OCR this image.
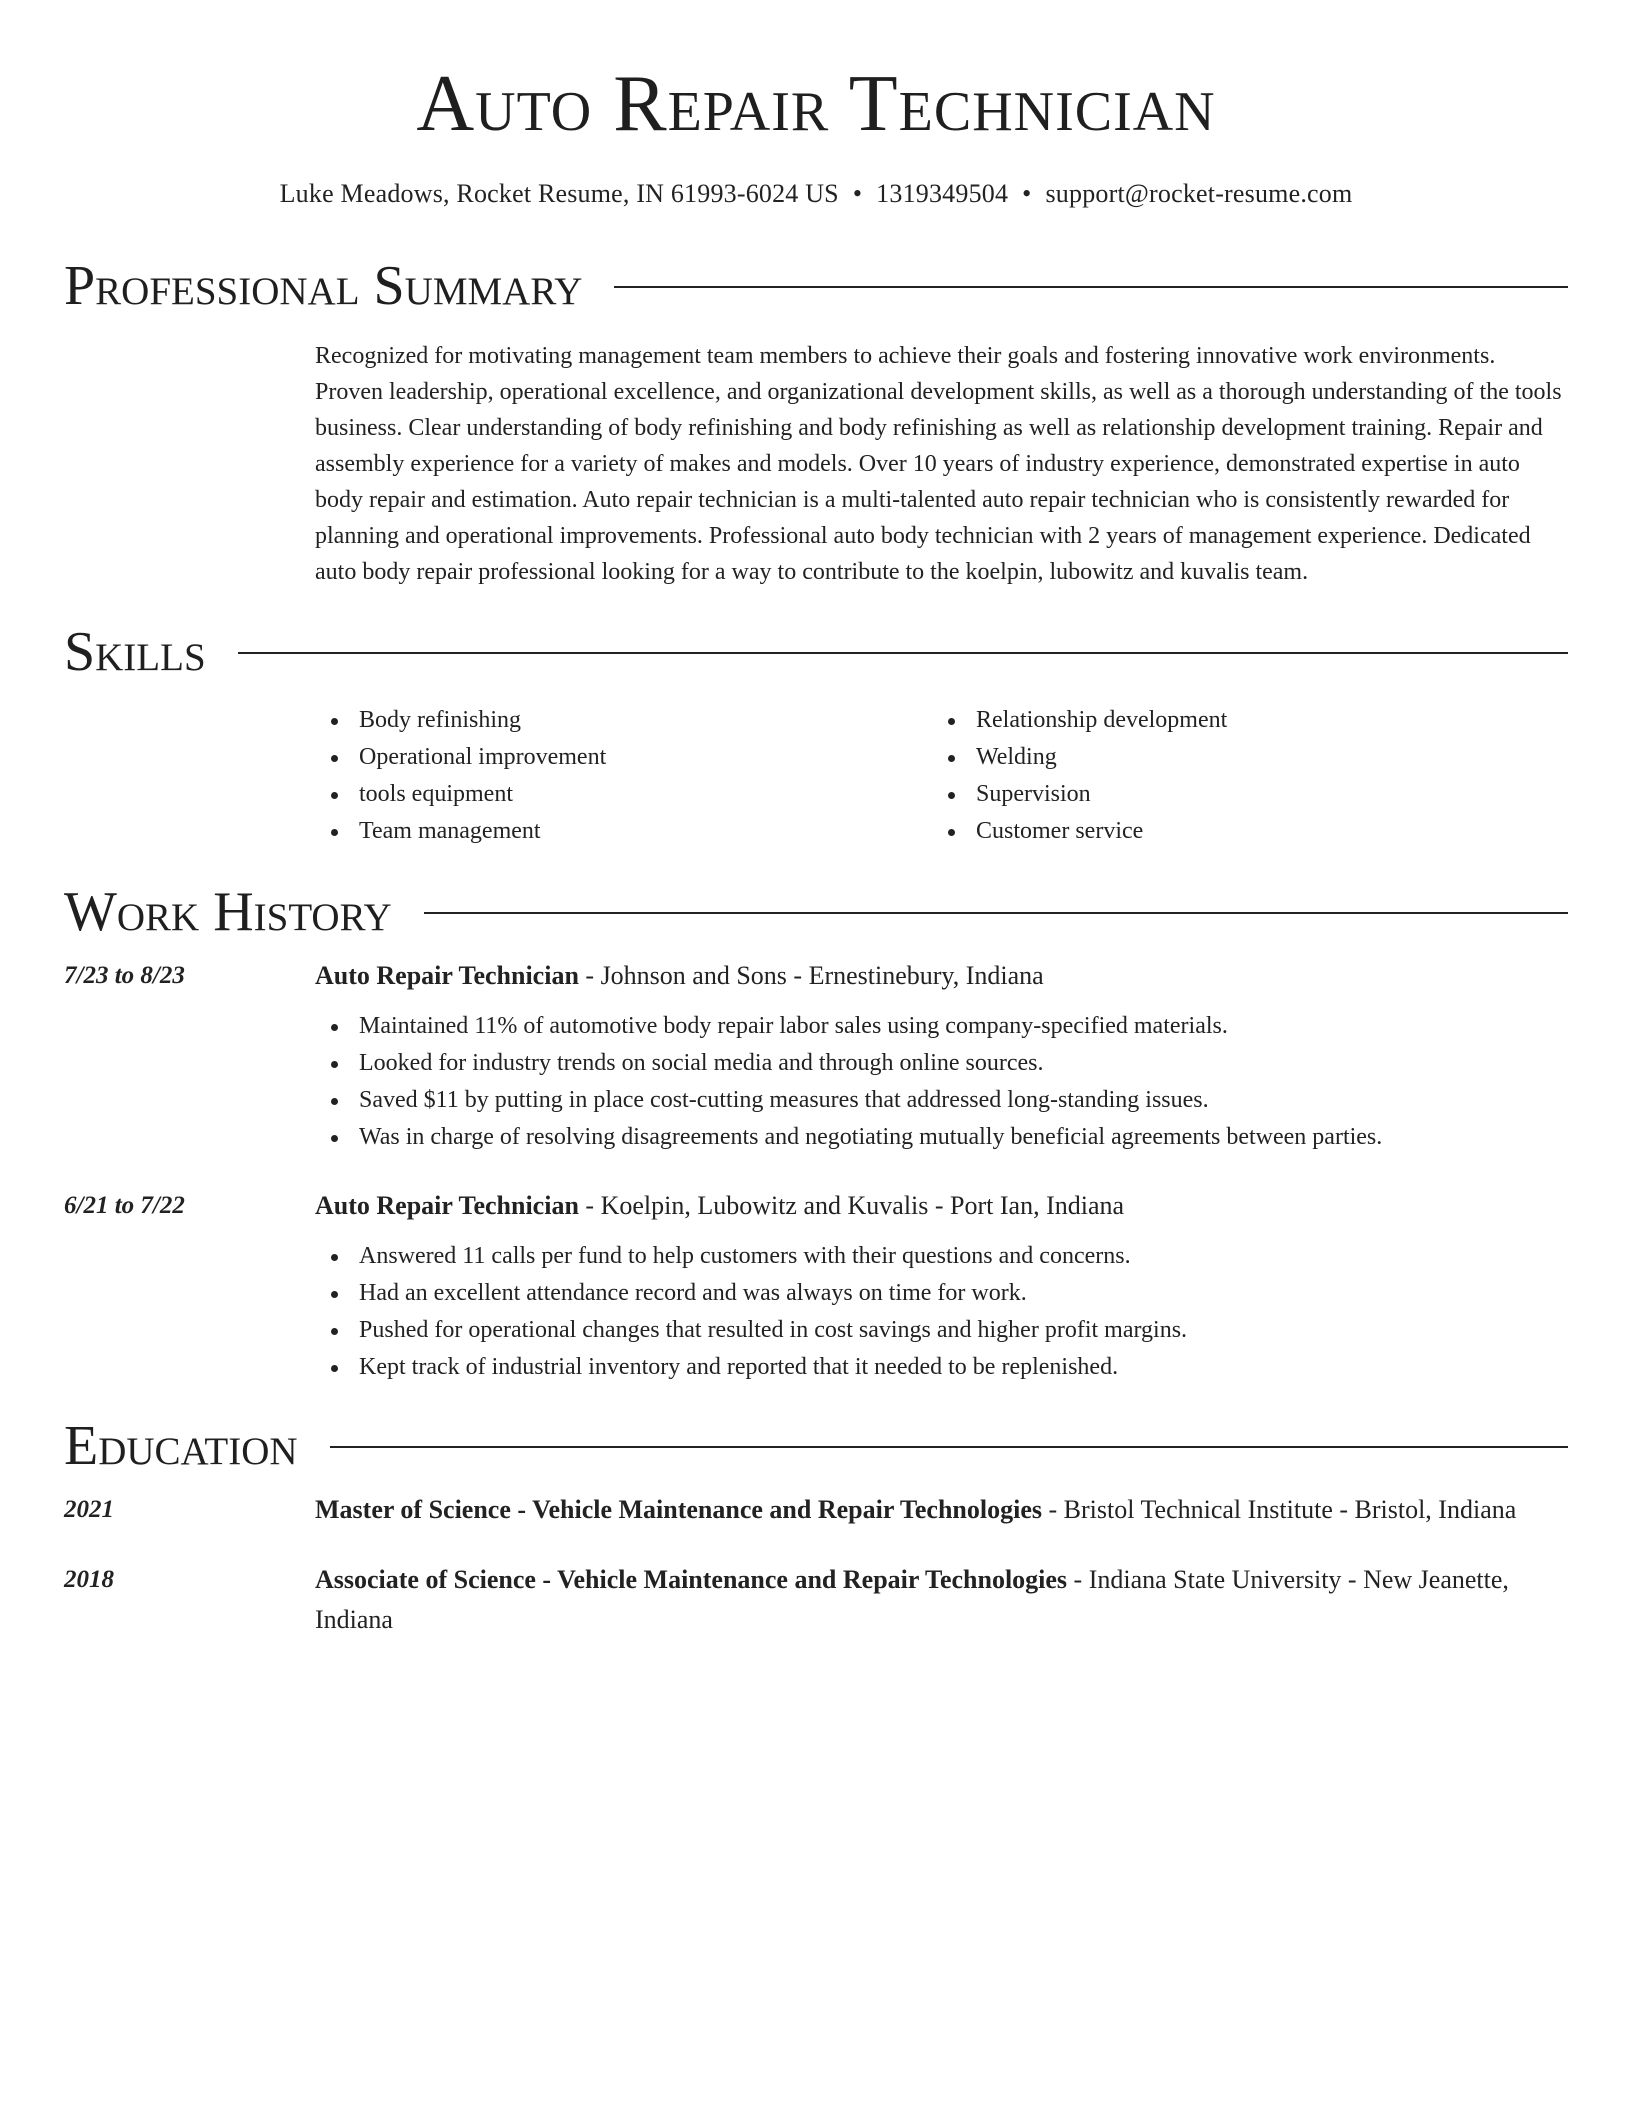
Auto Repair Technician
Luke Meadows, Rocket Resume, IN 61993-6024 US • 1319349504 • support@rocket-resume.com
Professional Summary
Recognized for motivating management team members to achieve their goals and fostering innovative work environments. Proven leadership, operational excellence, and organizational development skills, as well as a thorough understanding of the tools business. Clear understanding of body refinishing and body refinishing as well as relationship development training. Repair and assembly experience for a variety of makes and models. Over 10 years of industry experience, demonstrated expertise in auto body repair and estimation. Auto repair technician is a multi-talented auto repair technician who is consistently rewarded for planning and operational improvements. Professional auto body technician with 2 years of management experience. Dedicated auto body repair professional looking for a way to contribute to the koelpin, lubowitz and kuvalis team.
Skills
Body refinishing
Operational improvement
tools equipment
Team management
Relationship development
Welding
Supervision
Customer service
Work History
7/23 to 8/23	Auto Repair Technician - Johnson and Sons - Ernestinebury, Indiana
Maintained 11% of automotive body repair labor sales using company-specified materials.
Looked for industry trends on social media and through online sources.
Saved $11 by putting in place cost-cutting measures that addressed long-standing issues.
Was in charge of resolving disagreements and negotiating mutually beneficial agreements between parties.
6/21 to 7/22	Auto Repair Technician - Koelpin, Lubowitz and Kuvalis - Port Ian, Indiana
Answered 11 calls per fund to help customers with their questions and concerns.
Had an excellent attendance record and was always on time for work.
Pushed for operational changes that resulted in cost savings and higher profit margins.
Kept track of industrial inventory and reported that it needed to be replenished.
Education
2021	Master of Science - Vehicle Maintenance and Repair Technologies - Bristol Technical Institute - Bristol, Indiana
2018	Associate of Science - Vehicle Maintenance and Repair Technologies - Indiana State University - New Jeanette, Indiana
